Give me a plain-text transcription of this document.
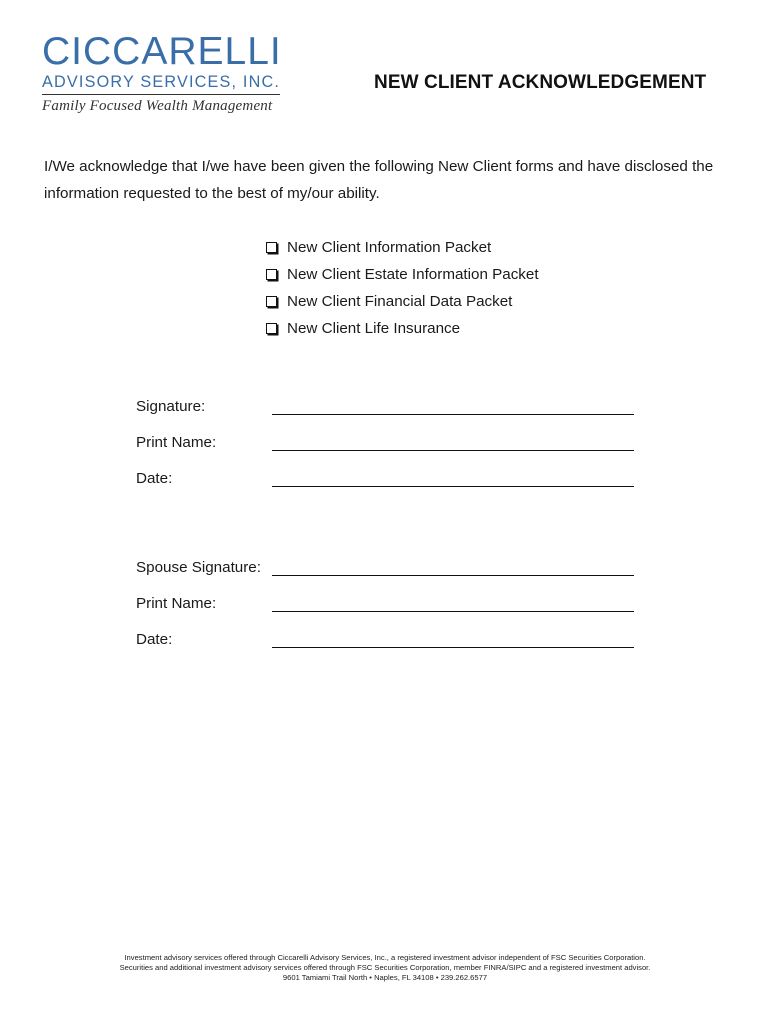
CICCARELLI
ADVISORY SERVICES, INC.
Family Focused Wealth Management
NEW CLIENT ACKNOWLEDGEMENT
I/We acknowledge that I/we have been given the following New Client forms and have disclosed the information requested to the best of my/our ability.
New Client Information Packet
New Client Estate Information Packet
New Client Financial Data Packet
New Client Life Insurance
Signature:
Print Name:
Date:
Spouse Signature:
Print Name:
Date:
Investment advisory services offered through Ciccarelli Advisory Services, Inc., a registered investment advisor independent of FSC Securities Corporation.
Securities and additional investment advisory services offered through FSC Securities Corporation, member FINRA/SIPC and a registered investment advisor.
9601 Tamiami Trail North • Naples, FL 34108 • 239.262.6577
